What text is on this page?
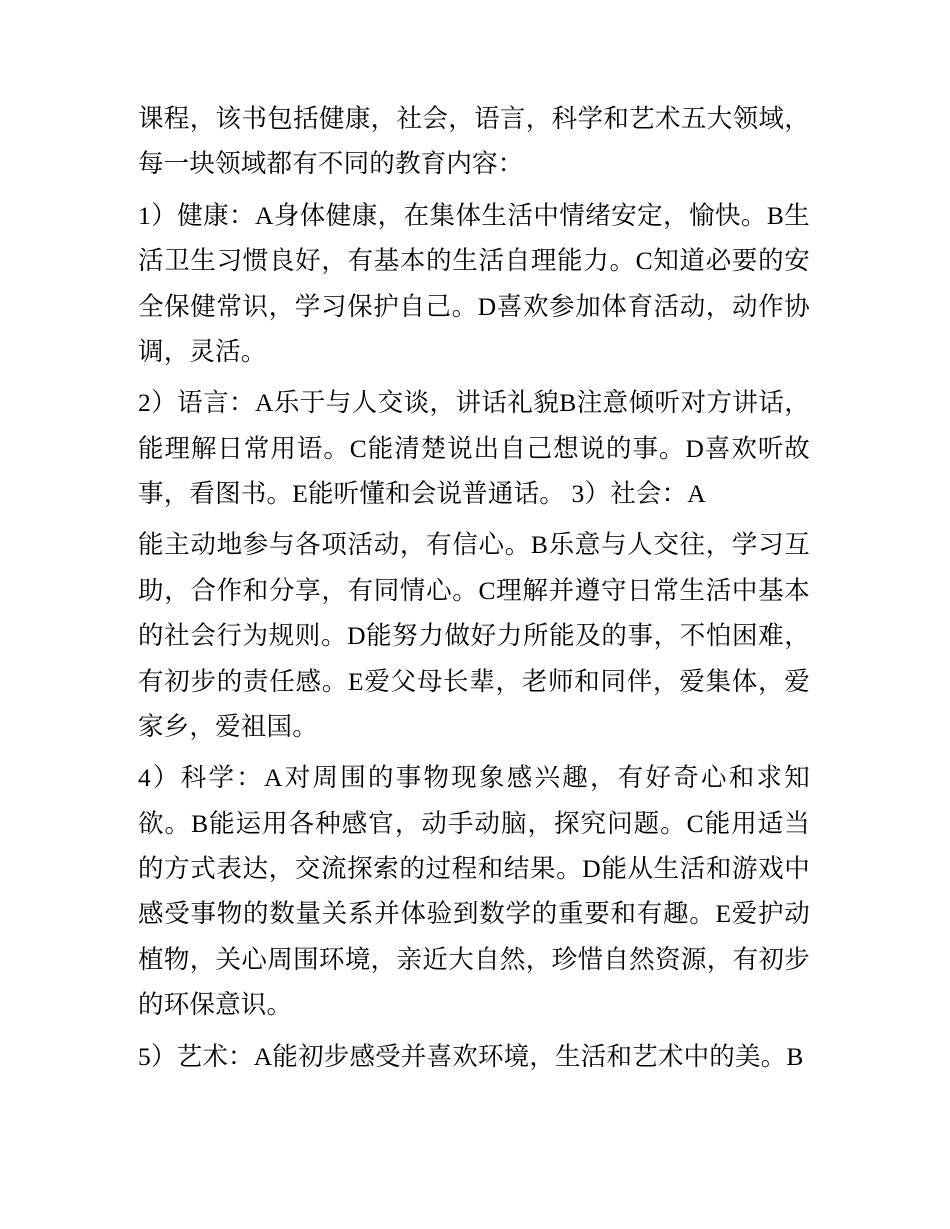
课程，该书包括健康，社会，语言，科学和艺术五大领域，每一块领域都有不同的教育内容：

1）健康：A身体健康，在集体生活中情绪安定，愉快。B生活卫生习惯良好，有基本的生活自理能力。C知道必要的安全保健常识，学习保护自己。D喜欢参加体育活动，动作协调，灵活。

2）语言：A乐于与人交谈，讲话礼貌B注意倾听对方讲话，能理解日常用语。C能清楚说出自己想说的事。D喜欢听故事，看图书。E能听懂和会说普通话。 3）社会：A

能主动地参与各项活动，有信心。B乐意与人交往，学习互助，合作和分享，有同情心。C理解并遵守日常生活中基本的社会行为规则。D能努力做好力所能及的事，不怕困难，有初步的责任感。E爱父母长辈，老师和同伴，爱集体，爱家乡，爱祖国。

4）科学：A对周围的事物现象感兴趣，有好奇心和求知欲。B能运用各种感官，动手动脑，探究问题。C能用适当的方式表达，交流探索的过程和结果。D能从生活和游戏中感受事物的数量关系并体验到数学的重要和有趣。E爱护动植物，关心周围环境，亲近大自然，珍惜自然资源，有初步的环保意识。

5）艺术：A能初步感受并喜欢环境，生活和艺术中的美。B
